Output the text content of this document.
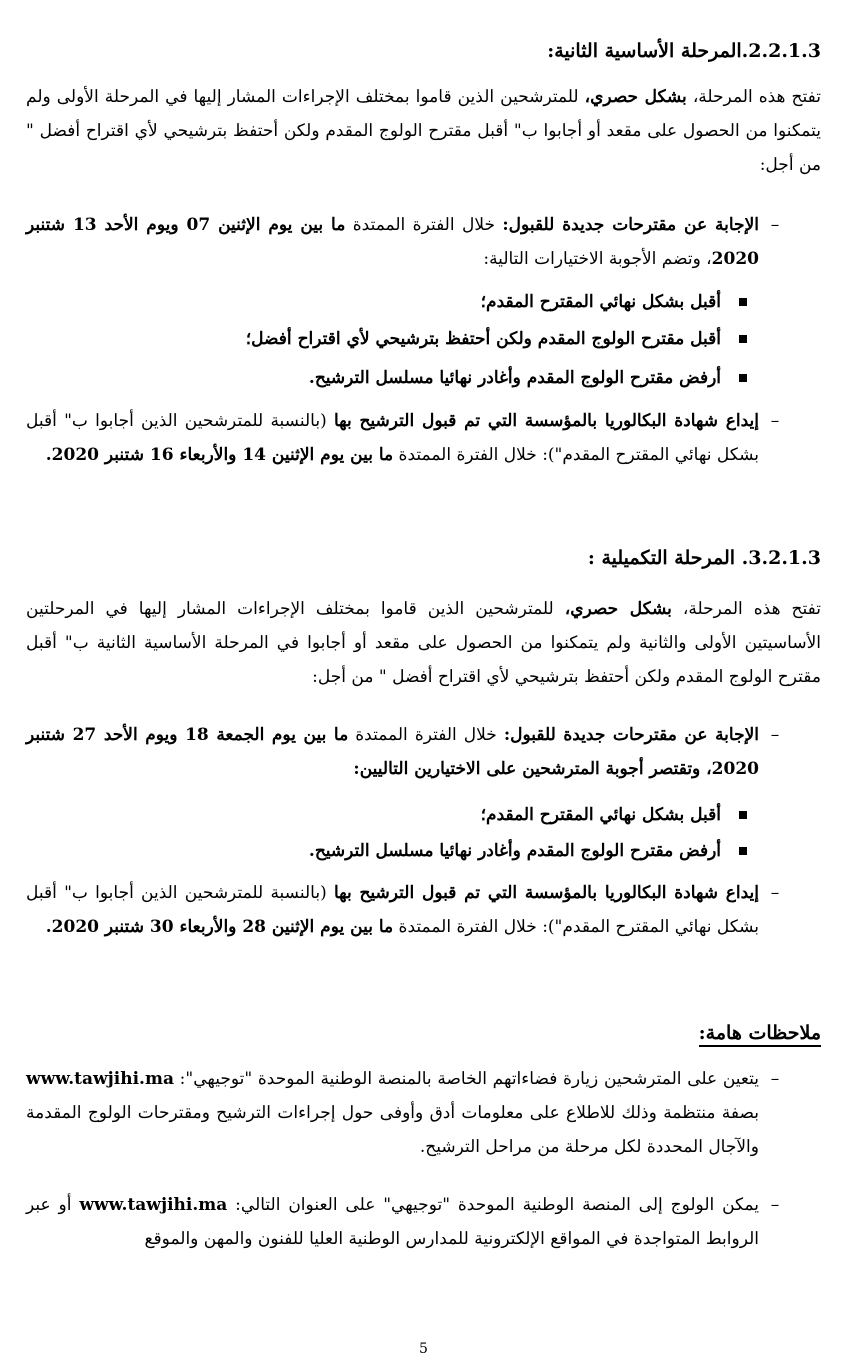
2.2.1.3.المرحلة الأساسية الثانية:
تفتح هذه المرحلة، بشكل حصري، للمترشحين الذين قاموا بمختلف الإجراءات المشار إليها في المرحلة الأولى ولم يتمكنوا من الحصول على مقعد أو أجابوا ب" أقبل مقترح الولوج المقدم ولكن أحتفظ بترشيحي لأي اقتراح أفضل " من أجل:
–
الإجابة عن مقترحات جديدة للقبول: خلال الفترة الممتدة ما بين يوم الإثنين 07 ويوم الأحد 13 شتنبر 2020، وتضم الأجوبة الاختيارات التالية:
أقبل بشكل نهائي المقترح المقدم؛
أقبل مقترح الولوج المقدم ولكن أحتفظ بترشيحي لأي اقتراح أفضل؛
أرفض مقترح الولوج المقدم وأغادر نهائيا مسلسل الترشيح.
–
إيداع شهادة البكالوريا بالمؤسسة التي تم قبول الترشيح بها (بالنسبة للمترشحين الذين أجابوا ب" أقبل بشكل نهائي المقترح المقدم"): خلال الفترة الممتدة ما بين يوم الإثنين 14 والأربعاء 16 شتنبر 2020.
3.2.1.3. المرحلة التكميلية :
تفتح هذه المرحلة، بشكل حصري، للمترشحين الذين قاموا بمختلف الإجراءات المشار إليها في المرحلتين الأساسيتين الأولى والثانية ولم يتمكنوا من الحصول على مقعد أو أجابوا في المرحلة الأساسية الثانية ب" أقبل مقترح الولوج المقدم ولكن أحتفظ بترشيحي لأي اقتراح أفضل " من أجل:
–
الإجابة عن مقترحات جديدة للقبول: خلال الفترة الممتدة ما بين يوم الجمعة 18 ويوم الأحد 27 شتنبر 2020، وتقتصر أجوبة المترشحين على الاختيارين التاليين:
أقبل بشكل نهائي المقترح المقدم؛
أرفض مقترح الولوج المقدم وأغادر نهائيا مسلسل الترشيح.
–
إيداع شهادة البكالوريا بالمؤسسة التي تم قبول الترشيح بها (بالنسبة للمترشحين الذين أجابوا ب" أقبل بشكل نهائي المقترح المقدم"): خلال الفترة الممتدة ما بين يوم الإثنين 28 والأربعاء 30 شتنبر 2020.
ملاحظات هامة:
–
يتعين على المترشحين زيارة فضاءاتهم الخاصة بالمنصة الوطنية الموحدة "توجيهي": www.tawjihi.ma بصفة منتظمة وذلك للاطلاع على معلومات أدق وأوفى حول إجراءات الترشيح ومقترحات الولوج المقدمة والآجال المحددة لكل مرحلة من مراحل الترشيح.
–
يمكن الولوج إلى المنصة الوطنية الموحدة "توجيهي" على العنوان التالي: www.tawjihi.ma أو عبر الروابط المتواجدة في المواقع الإلكترونية للمدارس الوطنية العليا للفنون والمهن والموقع
5
